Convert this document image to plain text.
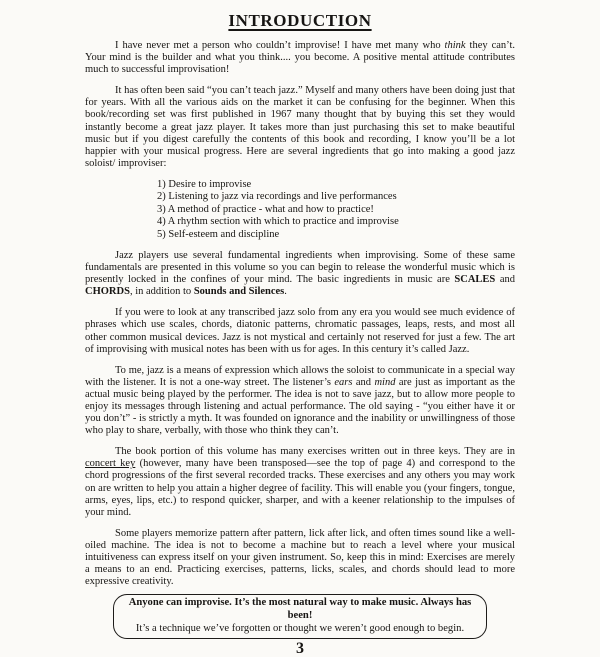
INTRODUCTION

I have never met a person who couldn’t improvise! I have met many who think they can’t. Your mind is the builder and what you think.... you become. A positive mental attitude contributes much to successful improvisation!

It has often been said “you can’t teach jazz.” Myself and many others have been doing just that for years. With all the various aids on the market it can be confusing for the beginner. When this book/recording set was first published in 1967 many thought that by buying this set they would instantly become a great jazz player. It takes more than just purchasing this set to make beautiful music but if you digest carefully the contents of this book and recording, I know you’ll be a lot happier with your musical progress. Here are several ingredients that go into making a good jazz soloist/ improviser:

1) Desire to improvise
2) Listening to jazz via recordings and live performances
3) A method of practice - what and how to practice!
4) A rhythm section with which to practice and improvise
5) Self-esteem and discipline

Jazz players use several fundamental ingredients when improvising. Some of these same fundamentals are presented in this volume so you can begin to release the wonderful music which is presently locked in the confines of your mind. The basic ingredients in music are SCALES and CHORDS, in addition to Sounds and Silences.

If you were to look at any transcribed jazz solo from any era you would see much evidence of phrases which use scales, chords, diatonic patterns, chromatic passages, leaps, rests, and most all other common musical devices. Jazz is not mystical and certainly not reserved for just a few. The art of improvising with musical notes has been with us for ages. In this century it’s called Jazz.

To me, jazz is a means of expression which allows the soloist to communicate in a special way with the listener. It is not a one-way street. The listener’s ears and mind are just as important as the actual music being played by the performer. The idea is not to save jazz, but to allow more people to enjoy its messages through listening and actual performance. The old saying - “you either have it or you don’t” - is strictly a myth. It was founded on ignorance and the inability or unwillingness of those who play to share, verbally, with those who think they can’t.

The book portion of this volume has many exercises written out in three keys. They are in concert key (however, many have been transposed—see the top of page 4) and correspond to the chord progressions of the first several recorded tracks. These exercises and any others you may work on are written to help you attain a higher degree of facility. This will enable you (your fingers, tongue, arms, eyes, lips, etc.) to respond quicker, sharper, and with a keener relationship to the impulses of your mind.

Some players memorize pattern after pattern, lick after lick, and often times sound like a well-oiled machine. The idea is not to become a machine but to reach a level where your musical intuitiveness can express itself on your given instrument. So, keep this in mind: Exercises are merely a means to an end. Practicing exercises, patterns, licks, scales, and chords should lead to more expressive creativity.

Anyone can improvise. It’s the most natural way to make music. Always has been!
It’s a technique we’ve forgotten or thought we weren’t good enough to begin.
3
